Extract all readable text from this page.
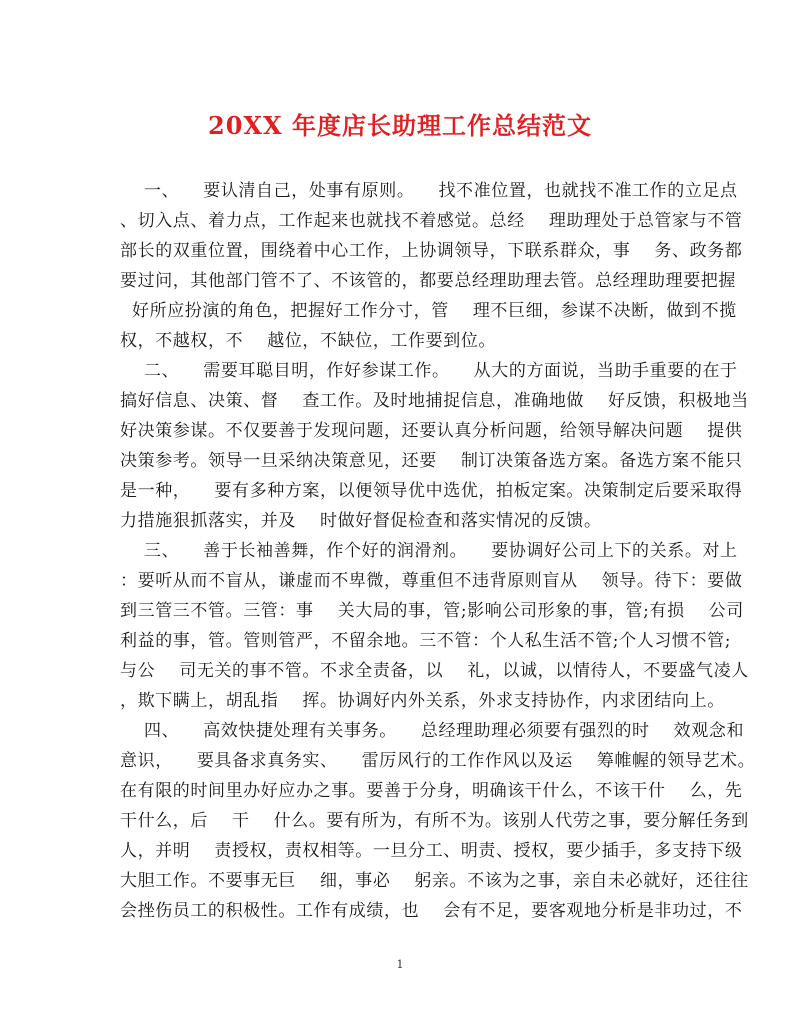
20XX 年度店长助理工作总结范文
一、    要认清自己，处事有原则。    找不准位置，也就找不准工作的立足点
、切入点、着力点，工作起来也就找不着感觉。总经    理助理处于总管家与不管
部长的双重位置，围绕着中心工作，上协调领导，下联系群众，事    务、政务都
要过问，其他部门管不了、不该管的，都要总经理助理去管。总经理助理要把握
好所应扮演的角色，把握好工作分寸，管    理不巨细，参谋不决断，做到不揽
权，不越权，不    越位，不缺位，工作要到位。
二、    需要耳聪目明，作好参谋工作。    从大的方面说，当助手重要的在于
搞好信息、决策、督    查工作。及时地捕捉信息，准确地做    好反馈，积极地当
好决策参谋。不仅要善于发现问题，还要认真分析问题，给领导解决问题    提供
决策参考。领导一旦采纳决策意见，还要    制订决策备选方案。备选方案不能只
是一种，    要有多种方案，以便领导优中选优，拍板定案。决策制定后要采取得
力措施狠抓落实，并及    时做好督促检查和落实情况的反馈。
三、    善于长袖善舞，作个好的润滑剂。    要协调好公司上下的关系。对上
：要听从而不盲从，谦虚而不卑微，尊重但不违背原则盲从    领导。待下：要做
到三管三不管。三管：事    关大局的事，管;影响公司形象的事，管;有损    公司
利益的事，管。管则管严，不留余地。三不管：个人私生活不管;个人习惯不管;
与公    司无关的事不管。不求全责备，以    礼，以诚，以情待人，不要盛气凌人
，欺下瞒上，胡乱指    挥。协调好内外关系，外求支持协作，内求团结向上。
四、    高效快捷处理有关事务。    总经理助理必须要有强烈的时    效观念和
意识，    要具备求真务实、    雷厉风行的工作作风以及运    筹帷幄的领导艺术。
在有限的时间里办好应办之事。要善于分身，明确该干什么，不该干什    么，先
干什么，后    干    什么。要有所为，有所不为。该别人代劳之事，要分解任务到
人，并明    责授权，责权相等。一旦分工、明责、授权，要少插手，多支持下级
大胆工作。不要事无巨    细，事必    躬亲。不该为之事，亲自未必就好，还往往
会挫伤员工的积极性。工作有成绩，也    会有不足，要客观地分析是非功过，不
1
